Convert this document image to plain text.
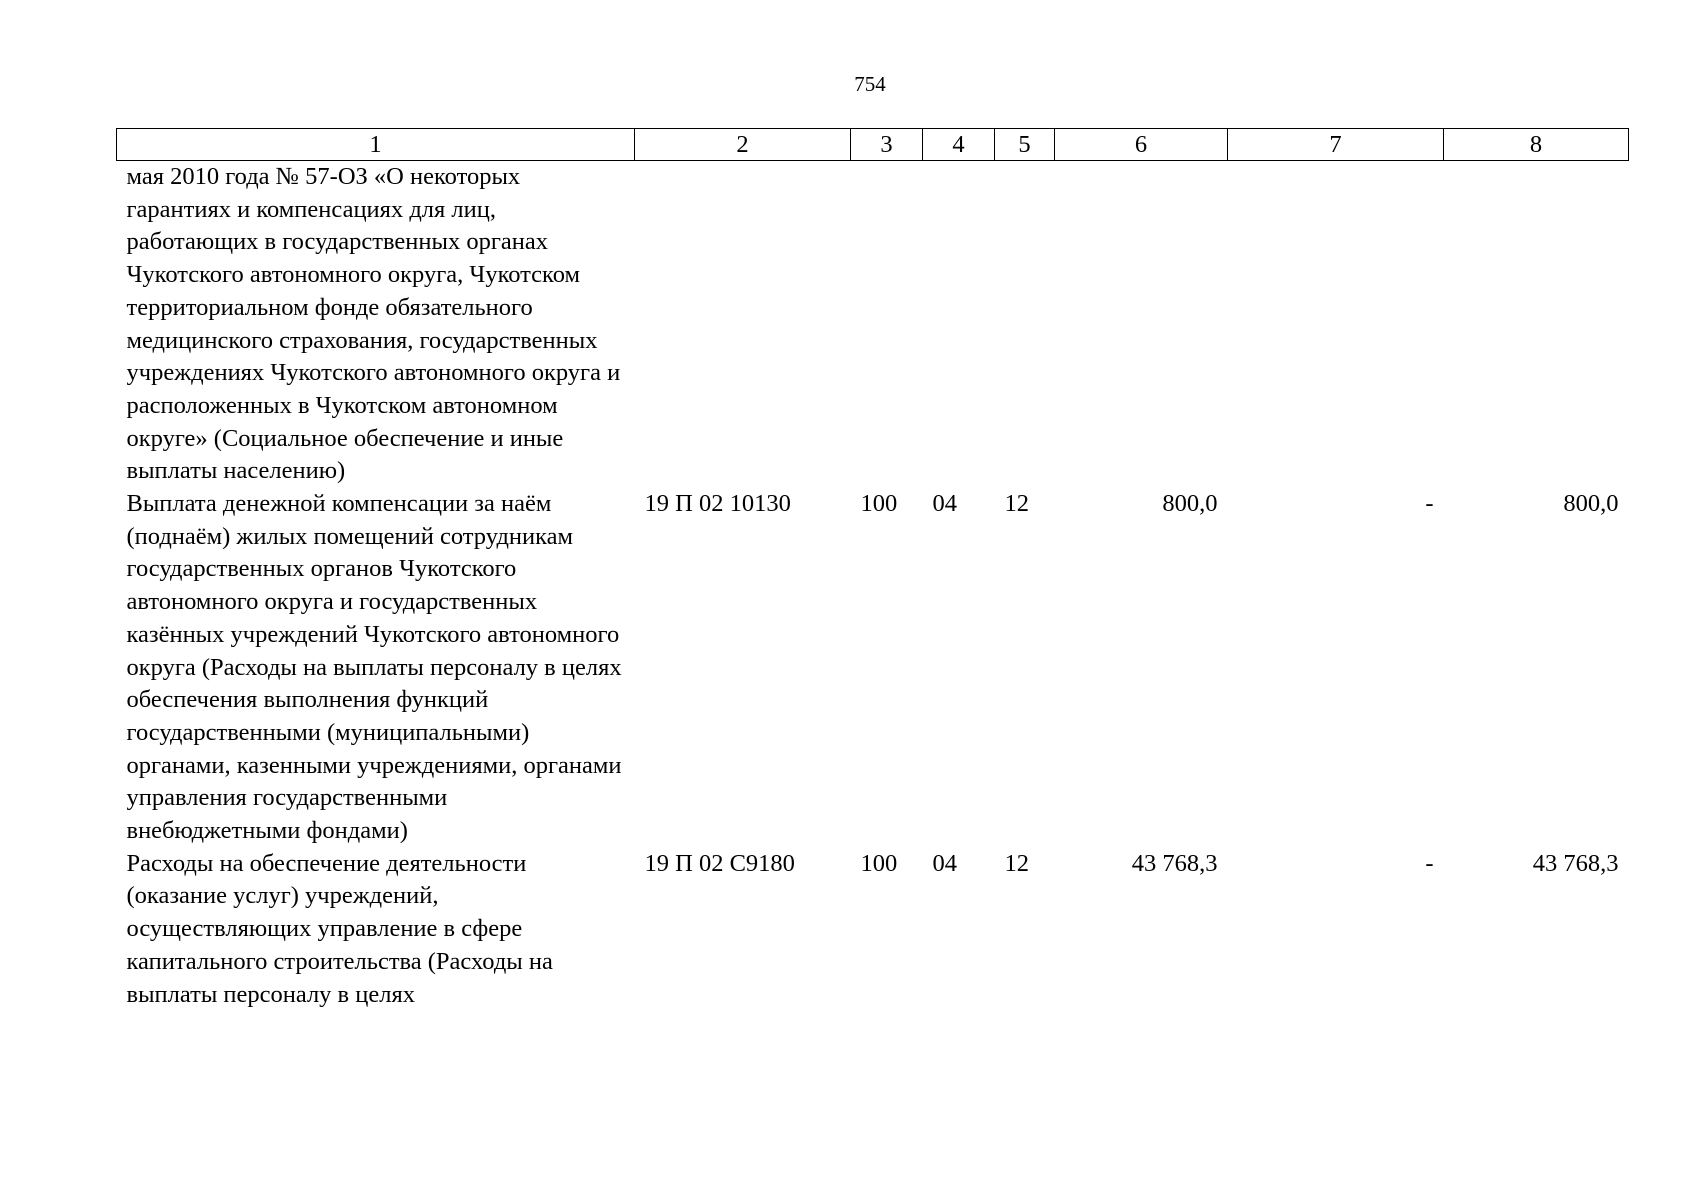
754
1	2	3	4	5	6	7	8
мая 2010 года № 57-ОЗ «О некоторых гарантиях и компенсациях для лиц, работающих в государственных органах Чукотского автономного округа, Чукотском территориальном фонде обязательного медицинского страхования, государственных учреждениях Чукотского автономного округа и расположенных в Чукотском автономном округе» (Социальное обеспечение и иные выплаты населению)							
Выплата денежной компенсации за наём (поднаём) жилых помещений сотрудникам государственных органов Чукотского автономного округа и государственных казённых учреждений Чукотского автономного округа (Расходы на выплаты персоналу в целях обеспечения выполнения функций государственными (муниципальными) органами, казенными учреждениями, органами управления государственными внебюджетными фондами)	19 П 02 10130	100	04	12	800,0	-	800,0
Расходы на обеспечение деятельности (оказание услуг) учреждений, осуществляющих управление в сфере капитального строительства (Расходы на выплаты персоналу в целях	19 П 02 С9180	100	04	12	43 768,3	-	43 768,3
